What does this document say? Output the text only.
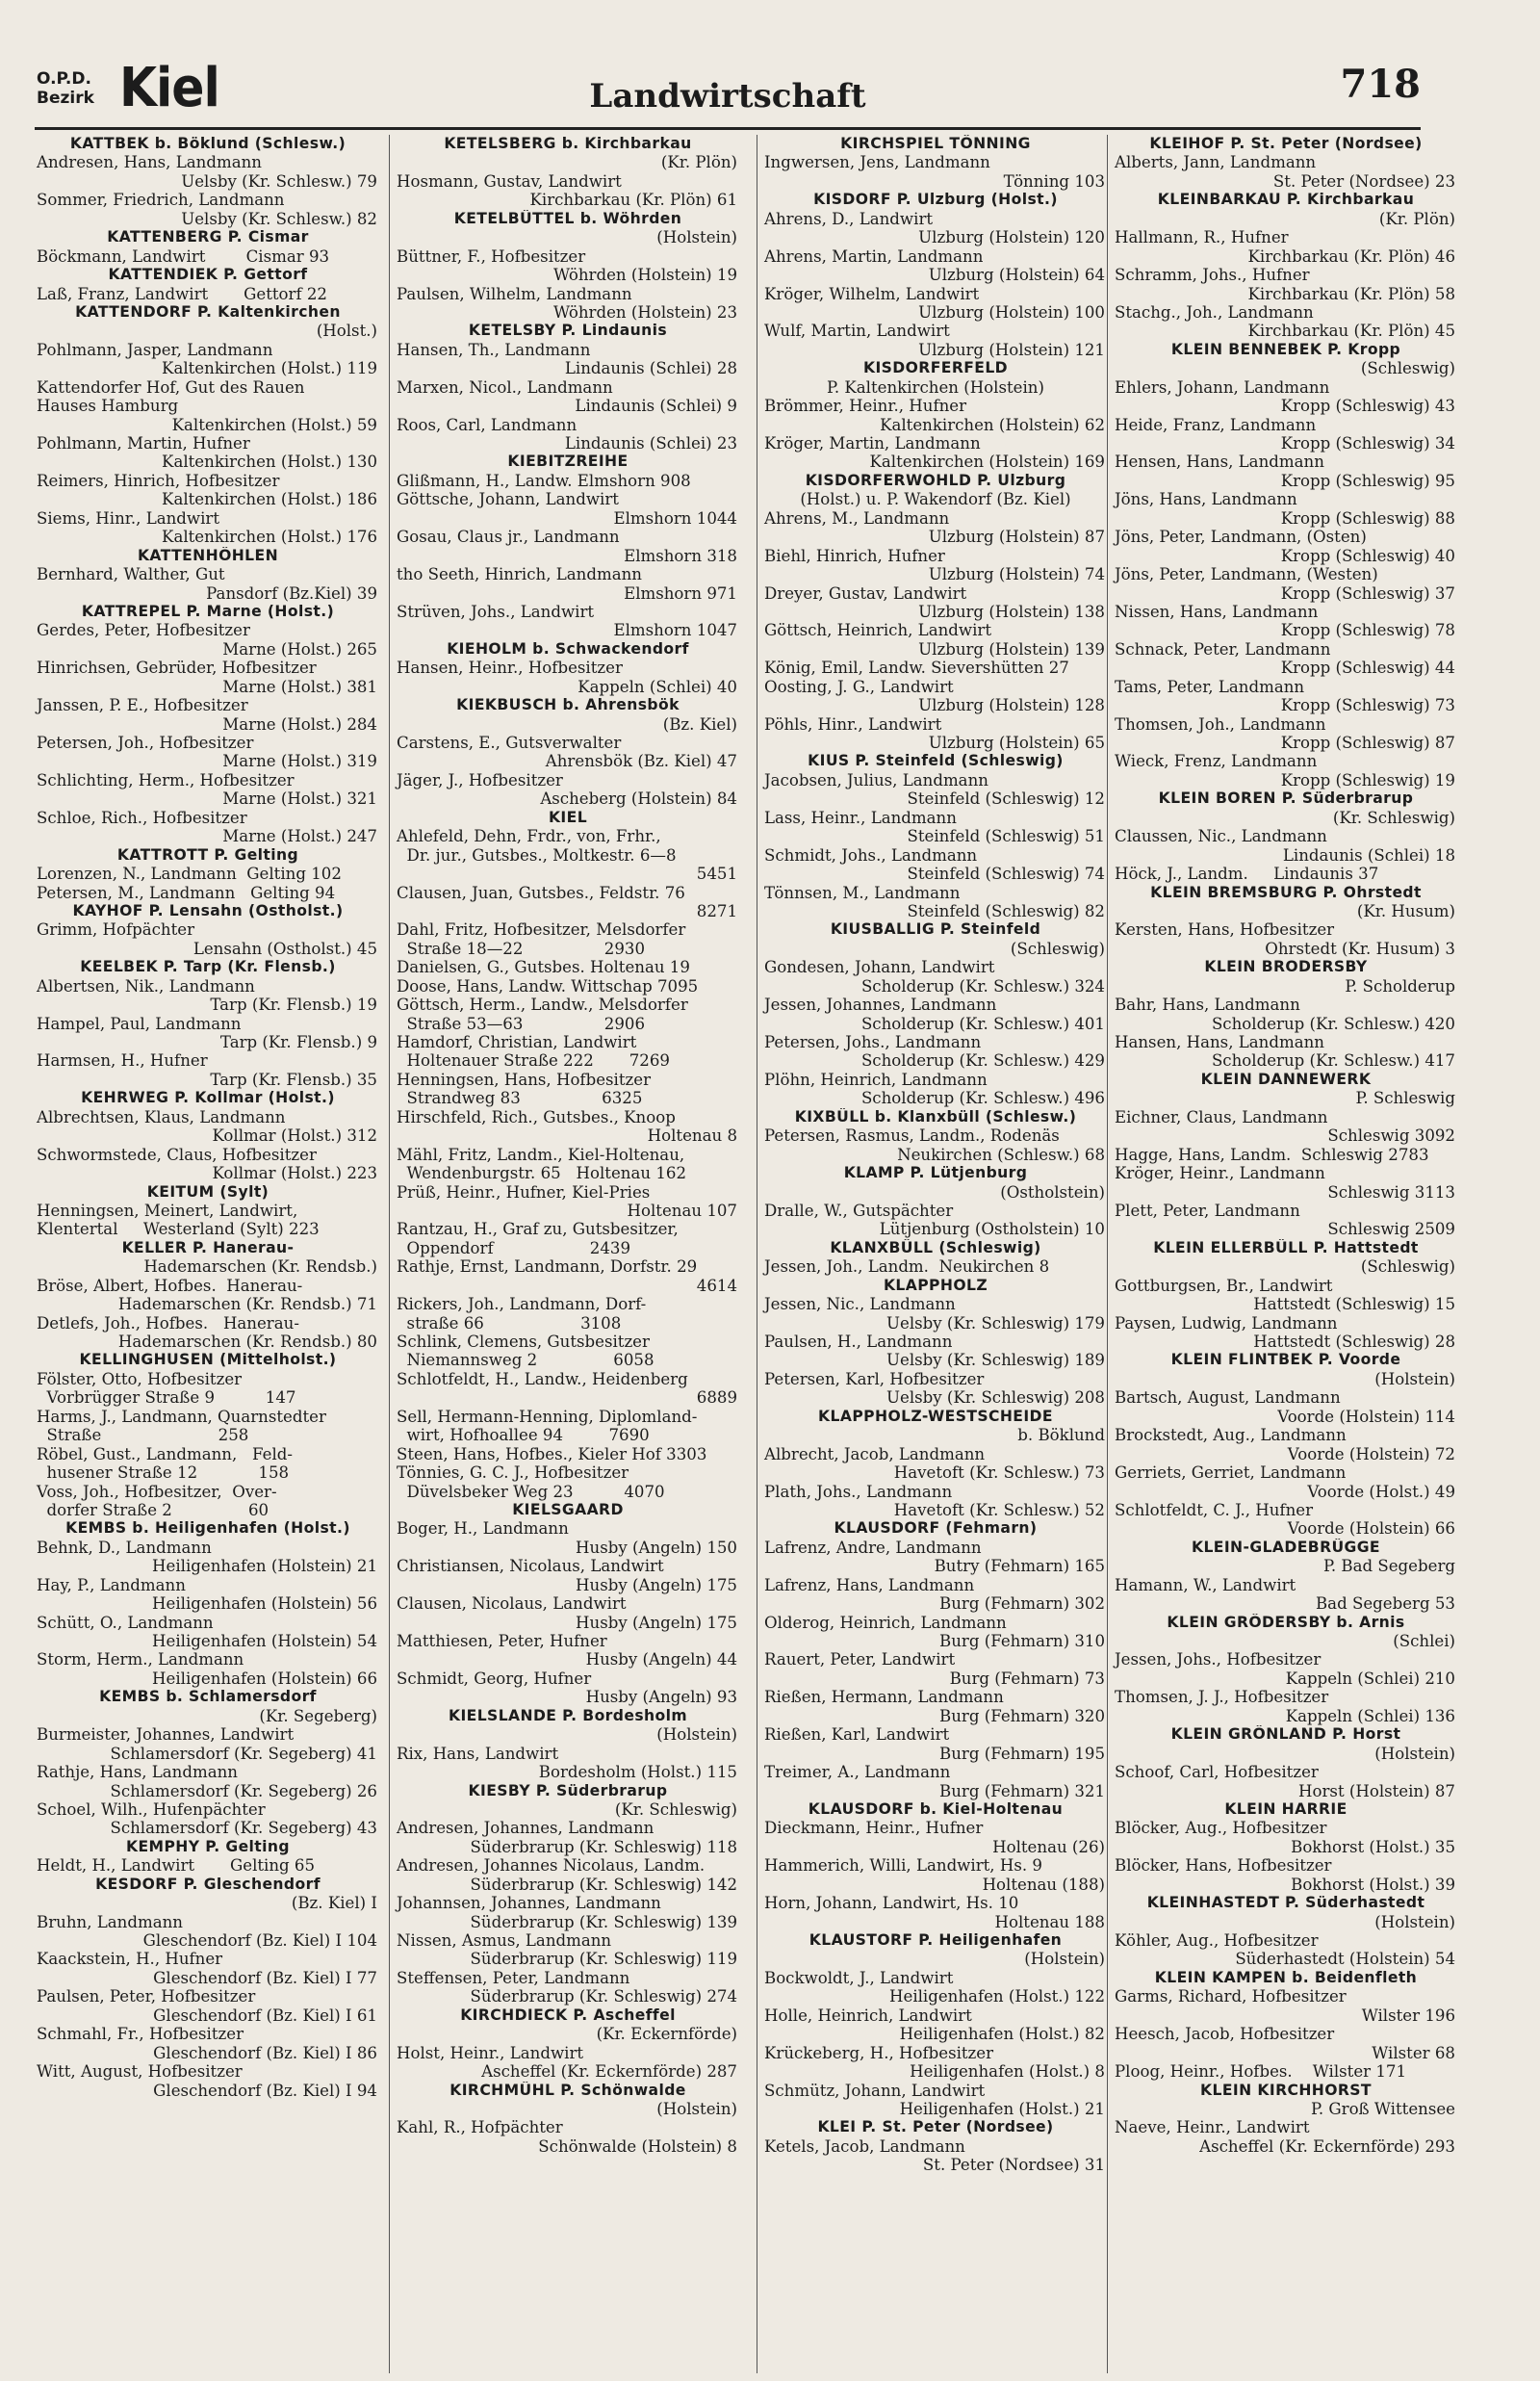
O.P.D.
Bezirk Kiel	Landwirtschaft	718
KATTBEK b. Böklund (Schlesw.)
Andresen, Hans, Landmann
Uelsby (Kr. Schlesw.) 79
Sommer, Friedrich, Landmann
Uelsby (Kr. Schlesw.) 82
KATTENBERG P. Cismar
Böckmann, Landwirt        Cismar 93
KATTENDIEK P. Gettorf
Laß, Franz, Landwirt       Gettorf 22
KATTENDORF P. Kaltenkirchen
(Holst.)
Pohlmann, Jasper, Landmann
Kaltenkirchen (Holst.) 119
Kattendorfer Hof, Gut des Rauen
Hauses Hamburg
Kaltenkirchen (Holst.) 59
Pohlmann, Martin, Hufner
Kaltenkirchen (Holst.) 130
Reimers, Hinrich, Hofbesitzer
Kaltenkirchen (Holst.) 186
Siems, Hinr., Landwirt
Kaltenkirchen (Holst.) 176
KATTENHÖHLEN
Bernhard, Walther, Gut
Pansdorf (Bz.Kiel) 39
KATTREPEL P. Marne (Holst.)
Gerdes, Peter, Hofbesitzer
Marne (Holst.) 265
Hinrichsen, Gebrüder, Hofbesitzer
Marne (Holst.) 381
Janssen, P. E., Hofbesitzer
Marne (Holst.) 284
Petersen, Joh., Hofbesitzer
Marne (Holst.) 319
Schlichting, Herm., Hofbesitzer
Marne (Holst.) 321
Schloe, Rich., Hofbesitzer
Marne (Holst.) 247
KATTROTT P. Gelting
Lorenzen, N., Landmann  Gelting 102
Petersen, M., Landmann   Gelting 94
KAYHOF P. Lensahn (Ostholst.)
Grimm, Hofpächter
Lensahn (Ostholst.) 45
KEELBEK P. Tarp (Kr. Flensb.)
Albertsen, Nik., Landmann
Tarp (Kr. Flensb.) 19
Hampel, Paul, Landmann
Tarp (Kr. Flensb.) 9
Harmsen, H., Hufner
Tarp (Kr. Flensb.) 35
KEHRWEG P. Kollmar (Holst.)
Albrechtsen, Klaus, Landmann
Kollmar (Holst.) 312
Schwormstede, Claus, Hofbesitzer
Kollmar (Holst.) 223
KEITUM (Sylt)
Henningsen, Meinert, Landwirt,
Klentertal     Westerland (Sylt) 223
KELLER P. Hanerau-
Hademarschen (Kr. Rendsb.)
Bröse, Albert, Hofbes.  Hanerau-
Hademarschen (Kr. Rendsb.) 71
Detlefs, Joh., Hofbes.   Hanerau-
Hademarschen (Kr. Rendsb.) 80
KELLINGHUSEN (Mittelholst.)
Fölster, Otto, Hofbesitzer
Vorbrügger Straße 9          147
Harms, J., Landmann, Quarnstedter
Straße                       258
Röbel, Gust., Landmann,   Feld-
husener Straße 12            158
Voss, Joh., Hofbesitzer,  Over-
dorfer Straße 2               60
KEMBS b. Heiligenhafen (Holst.)
Behnk, D., Landmann
Heiligenhafen (Holstein) 21
Hay, P., Landmann
Heiligenhafen (Holstein) 56
Schütt, O., Landmann
Heiligenhafen (Holstein) 54
Storm, Herm., Landmann
Heiligenhafen (Holstein) 66
KEMBS b. Schlamersdorf
(Kr. Segeberg)
Burmeister, Johannes, Landwirt
Schlamersdorf (Kr. Segeberg) 41
Rathje, Hans, Landmann
Schlamersdorf (Kr. Segeberg) 26
Schoel, Wilh., Hufenpächter
Schlamersdorf (Kr. Segeberg) 43
KEMPHY P. Gelting
Heldt, H., Landwirt       Gelting 65
KESDORF P. Gleschendorf
(Bz. Kiel) I
Bruhn, Landmann
Gleschendorf (Bz. Kiel) I 104
Kaackstein, H., Hufner
Gleschendorf (Bz. Kiel) I 77
Paulsen, Peter, Hofbesitzer
Gleschendorf (Bz. Kiel) I 61
Schmahl, Fr., Hofbesitzer
Gleschendorf (Bz. Kiel) I 86
Witt, August, Hofbesitzer
Gleschendorf (Bz. Kiel) I 94
KETELSBERG b. Kirchbarkau
(Kr. Plön)
Hosmann, Gustav, Landwirt
Kirchbarkau (Kr. Plön) 61
KETELBÜTTEL b. Wöhrden
(Holstein)
Büttner, F., Hofbesitzer
Wöhrden (Holstein) 19
Paulsen, Wilhelm, Landmann
Wöhrden (Holstein) 23
KETELSBY P. Lindaunis
Hansen, Th., Landmann
Lindaunis (Schlei) 28
Marxen, Nicol., Landmann
Lindaunis (Schlei) 9
Roos, Carl, Landmann
Lindaunis (Schlei) 23
KIEBITZREIHE
Glißmann, H., Landw. Elmshorn 908
Göttsche, Johann, Landwirt
Elmshorn 1044
Gosau, Claus jr., Landmann
Elmshorn 318
tho Seeth, Hinrich, Landmann
Elmshorn 971
Strüven, Johs., Landwirt
Elmshorn 1047
KIEHOLM b. Schwackendorf
Hansen, Heinr., Hofbesitzer
Kappeln (Schlei) 40
KIEKBUSCH b. Ahrensbök
(Bz. Kiel)
Carstens, E., Gutsverwalter
Ahrensbök (Bz. Kiel) 47
Jäger, J., Hofbesitzer
Ascheberg (Holstein) 84
KIEL
Ahlefeld, Dehn, Frdr., von, Frhr.,
Dr. jur., Gutsbes., Moltkestr. 6—8
5451
Clausen, Juan, Gutsbes., Feldstr. 76
8271
Dahl, Fritz, Hofbesitzer, Melsdorfer
Straße 18—22                2930
Danielsen, G., Gutsbes. Holtenau 19
Doose, Hans, Landw. Wittschap 7095
Göttsch, Herm., Landw., Melsdorfer
Straße 53—63                2906
Hamdorf, Christian, Landwirt
Holtenauer Straße 222       7269
Henningsen, Hans, Hofbesitzer
Strandweg 83                6325
Hirschfeld, Rich., Gutsbes., Knoop
Holtenau 8
Mähl, Fritz, Landm., Kiel-Holtenau,
Wendenburgstr. 65   Holtenau 162
Prüß, Heinr., Hufner, Kiel-Pries
Holtenau 107
Rantzau, H., Graf zu, Gutsbesitzer,
Oppendorf                   2439
Rathje, Ernst, Landmann, Dorfstr. 29
4614
Rickers, Joh., Landmann, Dorf-
straße 66                   3108
Schlink, Clemens, Gutsbesitzer
Niemannsweg 2               6058
Schlotfeldt, H., Landw., Heidenberg
6889
Sell, Hermann-Henning, Diplomland-
wirt, Hofhoallee 94         7690
Steen, Hans, Hofbes., Kieler Hof 3303
Tönnies, G. C. J., Hofbesitzer
Düvelsbeker Weg 23          4070
KIELSGAARD
Boger, H., Landmann
Husby (Angeln) 150
Christiansen, Nicolaus, Landwirt
Husby (Angeln) 175
Clausen, Nicolaus, Landwirt
Husby (Angeln) 175
Matthiesen, Peter, Hufner
Husby (Angeln) 44
Schmidt, Georg, Hufner
Husby (Angeln) 93
KIELSLANDE P. Bordesholm
(Holstein)
Rix, Hans, Landwirt
Bordesholm (Holst.) 115
KIESBY P. Süderbrarup
(Kr. Schleswig)
Andresen, Johannes, Landmann
Süderbrarup (Kr. Schleswig) 118
Andresen, Johannes Nicolaus, Landm.
Süderbrarup (Kr. Schleswig) 142
Johannsen, Johannes, Landmann
Süderbrarup (Kr. Schleswig) 139
Nissen, Asmus, Landmann
Süderbrarup (Kr. Schleswig) 119
Steffensen, Peter, Landmann
Süderbrarup (Kr. Schleswig) 274
KIRCHDIECK P. Ascheffel
(Kr. Eckernförde)
Holst, Heinr., Landwirt
Ascheffel (Kr. Eckernförde) 287
KIRCHMÜHL P. Schönwalde
(Holstein)
Kahl, R., Hofpächter
Schönwalde (Holstein) 8
KIRCHSPIEL TÖNNING
Ingwersen, Jens, Landmann
Tönning 103
KISDORF P. Ulzburg (Holst.)
Ahrens, D., Landwirt
Ulzburg (Holstein) 120
Ahrens, Martin, Landmann
Ulzburg (Holstein) 64
Kröger, Wilhelm, Landwirt
Ulzburg (Holstein) 100
Wulf, Martin, Landwirt
Ulzburg (Holstein) 121
KISDORFERFELD
P. Kaltenkirchen (Holstein)
Brömmer, Heinr., Hufner
Kaltenkirchen (Holstein) 62
Kröger, Martin, Landmann
Kaltenkirchen (Holstein) 169
KISDORFERWOHLD P. Ulzburg
(Holst.) u. P. Wakendorf (Bz. Kiel)
Ahrens, M., Landmann
Ulzburg (Holstein) 87
Biehl, Hinrich, Hufner
Ulzburg (Holstein) 74
Dreyer, Gustav, Landwirt
Ulzburg (Holstein) 138
Göttsch, Heinrich, Landwirt
Ulzburg (Holstein) 139
König, Emil, Landw. Sievershütten 27
Oosting, J. G., Landwirt
Ulzburg (Holstein) 128
Pöhls, Hinr., Landwirt
Ulzburg (Holstein) 65
KIUS P. Steinfeld (Schleswig)
Jacobsen, Julius, Landmann
Steinfeld (Schleswig) 12
Lass, Heinr., Landmann
Steinfeld (Schleswig) 51
Schmidt, Johs., Landmann
Steinfeld (Schleswig) 74
Tönnsen, M., Landmann
Steinfeld (Schleswig) 82
KIUSBALLIG P. Steinfeld
(Schleswig)
Gondesen, Johann, Landwirt
Scholderup (Kr. Schlesw.) 324
Jessen, Johannes, Landmann
Scholderup (Kr. Schlesw.) 401
Petersen, Johs., Landmann
Scholderup (Kr. Schlesw.) 429
Plöhn, Heinrich, Landmann
Scholderup (Kr. Schlesw.) 496
KIXBÜLL b. Klanxbüll (Schlesw.)
Petersen, Rasmus, Landm., Rodenäs
Neukirchen (Schlesw.) 68
KLAMP P. Lütjenburg
(Ostholstein)
Dralle, W., Gutspächter
Lütjenburg (Ostholstein) 10
KLANXBÜLL (Schleswig)
Jessen, Joh., Landm.  Neukirchen 8
KLAPPHOLZ
Jessen, Nic., Landmann
Uelsby (Kr. Schleswig) 179
Paulsen, H., Landmann
Uelsby (Kr. Schleswig) 189
Petersen, Karl, Hofbesitzer
Uelsby (Kr. Schleswig) 208
KLAPPHOLZ-WESTSCHEIDE
b. Böklund
Albrecht, Jacob, Landmann
Havetoft (Kr. Schlesw.) 73
Plath, Johs., Landmann
Havetoft (Kr. Schlesw.) 52
KLAUSDORF (Fehmarn)
Lafrenz, Andre, Landmann
Butry (Fehmarn) 165
Lafrenz, Hans, Landmann
Burg (Fehmarn) 302
Olderog, Heinrich, Landmann
Burg (Fehmarn) 310
Rauert, Peter, Landwirt
Burg (Fehmarn) 73
Rießen, Hermann, Landmann
Burg (Fehmarn) 320
Rießen, Karl, Landwirt
Burg (Fehmarn) 195
Treimer, A., Landmann
Burg (Fehmarn) 321
KLAUSDORF b. Kiel-Holtenau
Dieckmann, Heinr., Hufner
Holtenau (26)
Hammerich, Willi, Landwirt, Hs. 9
Holtenau (188)
Horn, Johann, Landwirt, Hs. 10
Holtenau 188
KLAUSTORF P. Heiligenhafen
(Holstein)
Bockwoldt, J., Landwirt
Heiligenhafen (Holst.) 122
Holle, Heinrich, Landwirt
Heiligenhafen (Holst.) 82
Krückeberg, H., Hofbesitzer
Heiligenhafen (Holst.) 8
Schmütz, Johann, Landwirt
Heiligenhafen (Holst.) 21
KLEI P. St. Peter (Nordsee)
Ketels, Jacob, Landmann
St. Peter (Nordsee) 31
KLEIHOF P. St. Peter (Nordsee)
Alberts, Jann, Landmann
St. Peter (Nordsee) 23
KLEINBARKAU P. Kirchbarkau
(Kr. Plön)
Hallmann, R., Hufner
Kirchbarkau (Kr. Plön) 46
Schramm, Johs., Hufner
Kirchbarkau (Kr. Plön) 58
Stachg., Joh., Landmann
Kirchbarkau (Kr. Plön) 45
KLEIN BENNEBEK P. Kropp
(Schleswig)
Ehlers, Johann, Landmann
Kropp (Schleswig) 43
Heide, Franz, Landmann
Kropp (Schleswig) 34
Hensen, Hans, Landmann
Kropp (Schleswig) 95
Jöns, Hans, Landmann
Kropp (Schleswig) 88
Jöns, Peter, Landmann, (Osten)
Kropp (Schleswig) 40
Jöns, Peter, Landmann, (Westen)
Kropp (Schleswig) 37
Nissen, Hans, Landmann
Kropp (Schleswig) 78
Schnack, Peter, Landmann
Kropp (Schleswig) 44
Tams, Peter, Landmann
Kropp (Schleswig) 73
Thomsen, Joh., Landmann
Kropp (Schleswig) 87
Wieck, Frenz, Landmann
Kropp (Schleswig) 19
KLEIN BOREN P. Süderbrarup
(Kr. Schleswig)
Claussen, Nic., Landmann
Lindaunis (Schlei) 18
Höck, J., Landm.     Lindaunis 37
KLEIN BREMSBURG P. Ohrstedt
(Kr. Husum)
Kersten, Hans, Hofbesitzer
Ohrstedt (Kr. Husum) 3
KLEIN BRODERSBY
P. Scholderup
Bahr, Hans, Landmann
Scholderup (Kr. Schlesw.) 420
Hansen, Hans, Landmann
Scholderup (Kr. Schlesw.) 417
KLEIN DANNEWERK
P. Schleswig
Eichner, Claus, Landmann
Schleswig 3092
Hagge, Hans, Landm.  Schleswig 2783
Kröger, Heinr., Landmann
Schleswig 3113
Plett, Peter, Landmann
Schleswig 2509
KLEIN ELLERBÜLL P. Hattstedt
(Schleswig)
Gottburgsen, Br., Landwirt
Hattstedt (Schleswig) 15
Paysen, Ludwig, Landmann
Hattstedt (Schleswig) 28
KLEIN FLINTBEK P. Voorde
(Holstein)
Bartsch, August, Landmann
Voorde (Holstein) 114
Brockstedt, Aug., Landmann
Voorde (Holstein) 72
Gerriets, Gerriet, Landmann
Voorde (Holst.) 49
Schlotfeldt, C. J., Hufner
Voorde (Holstein) 66
KLEIN-GLADEBRÜGGE
P. Bad Segeberg
Hamann, W., Landwirt
Bad Segeberg 53
KLEIN GRÖDERSBY b. Arnis
(Schlei)
Jessen, Johs., Hofbesitzer
Kappeln (Schlei) 210
Thomsen, J. J., Hofbesitzer
Kappeln (Schlei) 136
KLEIN GRÖNLAND P. Horst
(Holstein)
Schoof, Carl, Hofbesitzer
Horst (Holstein) 87
KLEIN HARRIE
Blöcker, Aug., Hofbesitzer
Bokhorst (Holst.) 35
Blöcker, Hans, Hofbesitzer
Bokhorst (Holst.) 39
KLEINHASTEDT P. Süderhastedt
(Holstein)
Köhler, Aug., Hofbesitzer
Süderhastedt (Holstein) 54
KLEIN KAMPEN b. Beidenfleth
Garms, Richard, Hofbesitzer
Wilster 196
Heesch, Jacob, Hofbesitzer
Wilster 68
Ploog, Heinr., Hofbes.    Wilster 171
KLEIN KIRCHHORST
P. Groß Wittensee
Naeve, Heinr., Landwirt
Ascheffel (Kr. Eckernförde) 293
